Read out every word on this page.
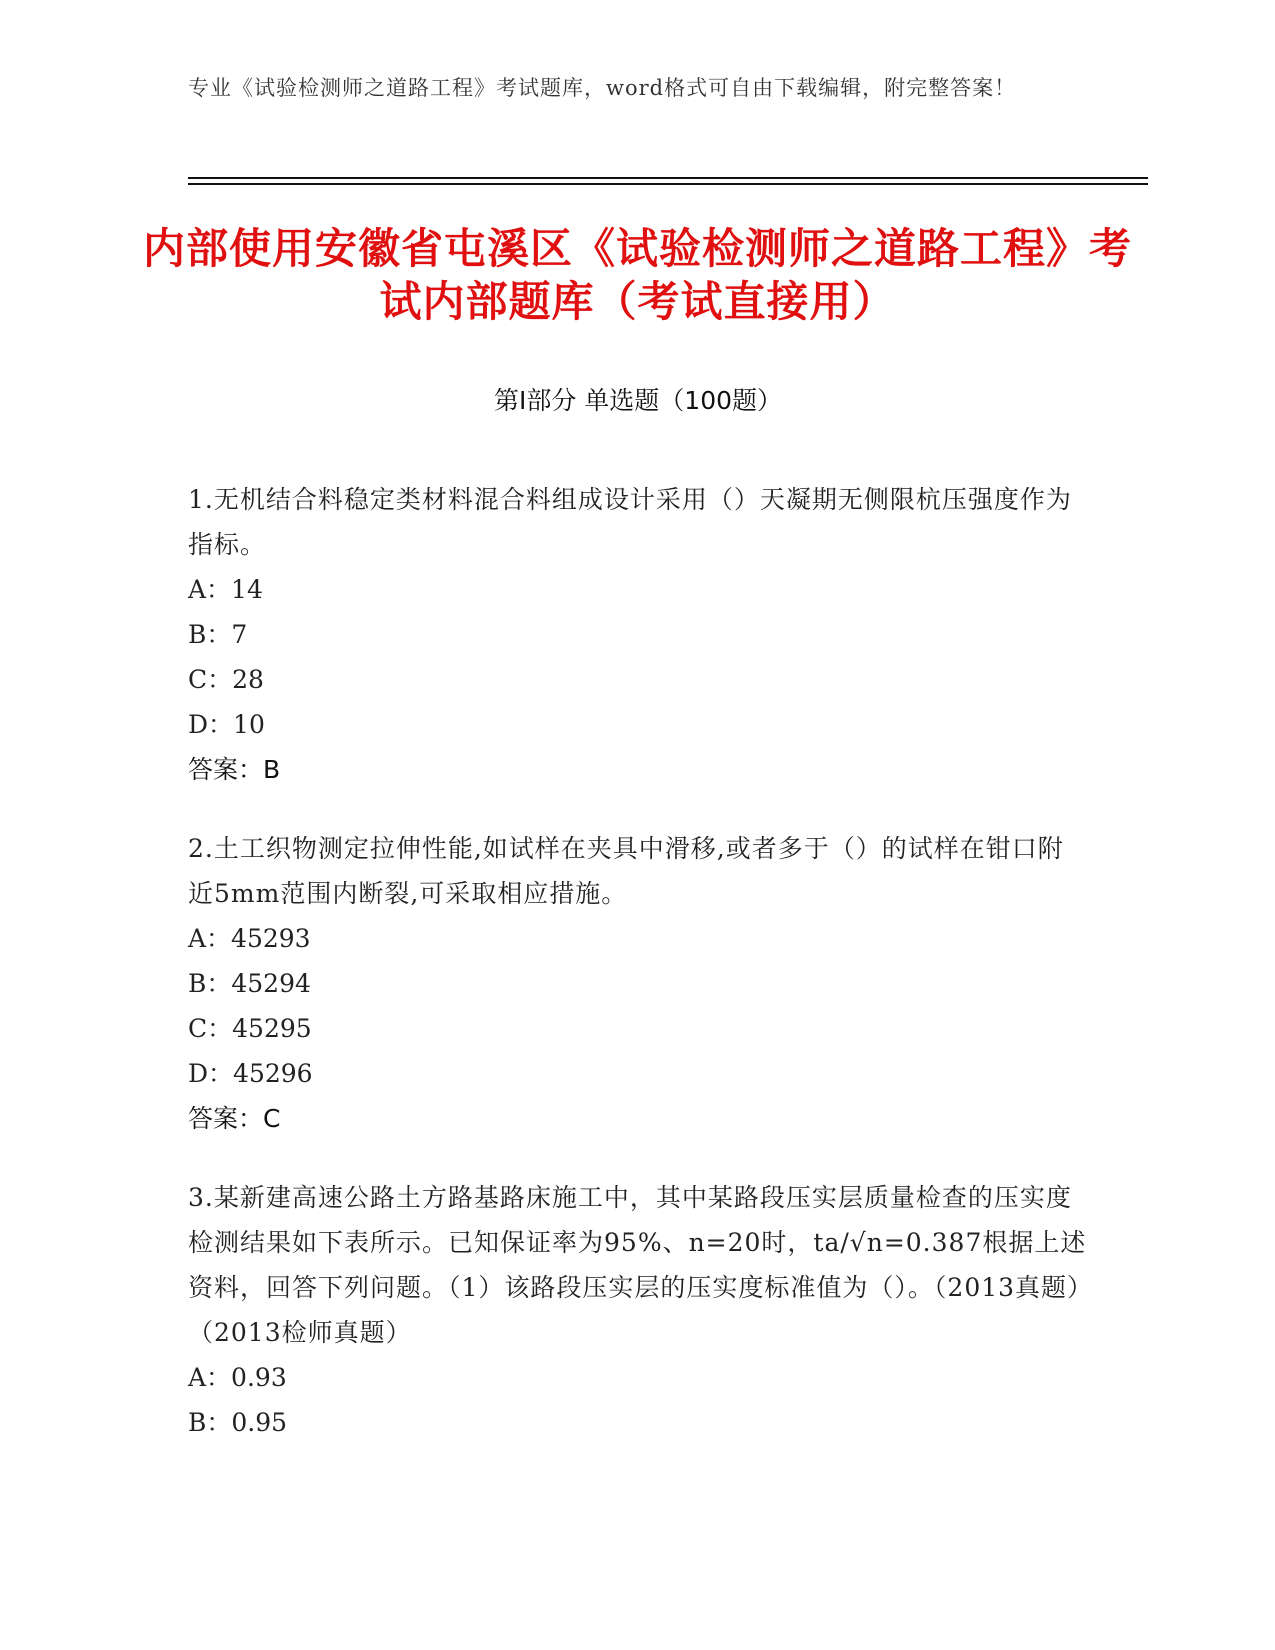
专业《试验检测师之道路工程》考试题库，word格式可自由下载编辑，附完整答案！
内部使用安徽省屯溪区《试验检测师之道路工程》考试内部题库（考试直接用）
第I部分 单选题（100题）
1.无机结合料稳定类材料混合料组成设计采用（）天凝期无侧限杭压强度作为指标。
A：14
B：7
C：28
D：10
答案：B
2.土工织物测定拉伸性能,如试样在夹具中滑移,或者多于（）的试样在钳口附近5mm范围内断裂,可采取相应措施。
A：45293
B：45294
C：45295
D：45296
答案：C
3.某新建高速公路土方路基路床施工中，其中某路段压实层质量检查的压实度检测结果如下表所示。已知保证率为95%、n=20时，ta/√n=0.387根据上述资料，回答下列问题。（1）该路段压实层的压实度标准值为（）。（2013真题）（2013检师真题）
A：0.93
B：0.95
